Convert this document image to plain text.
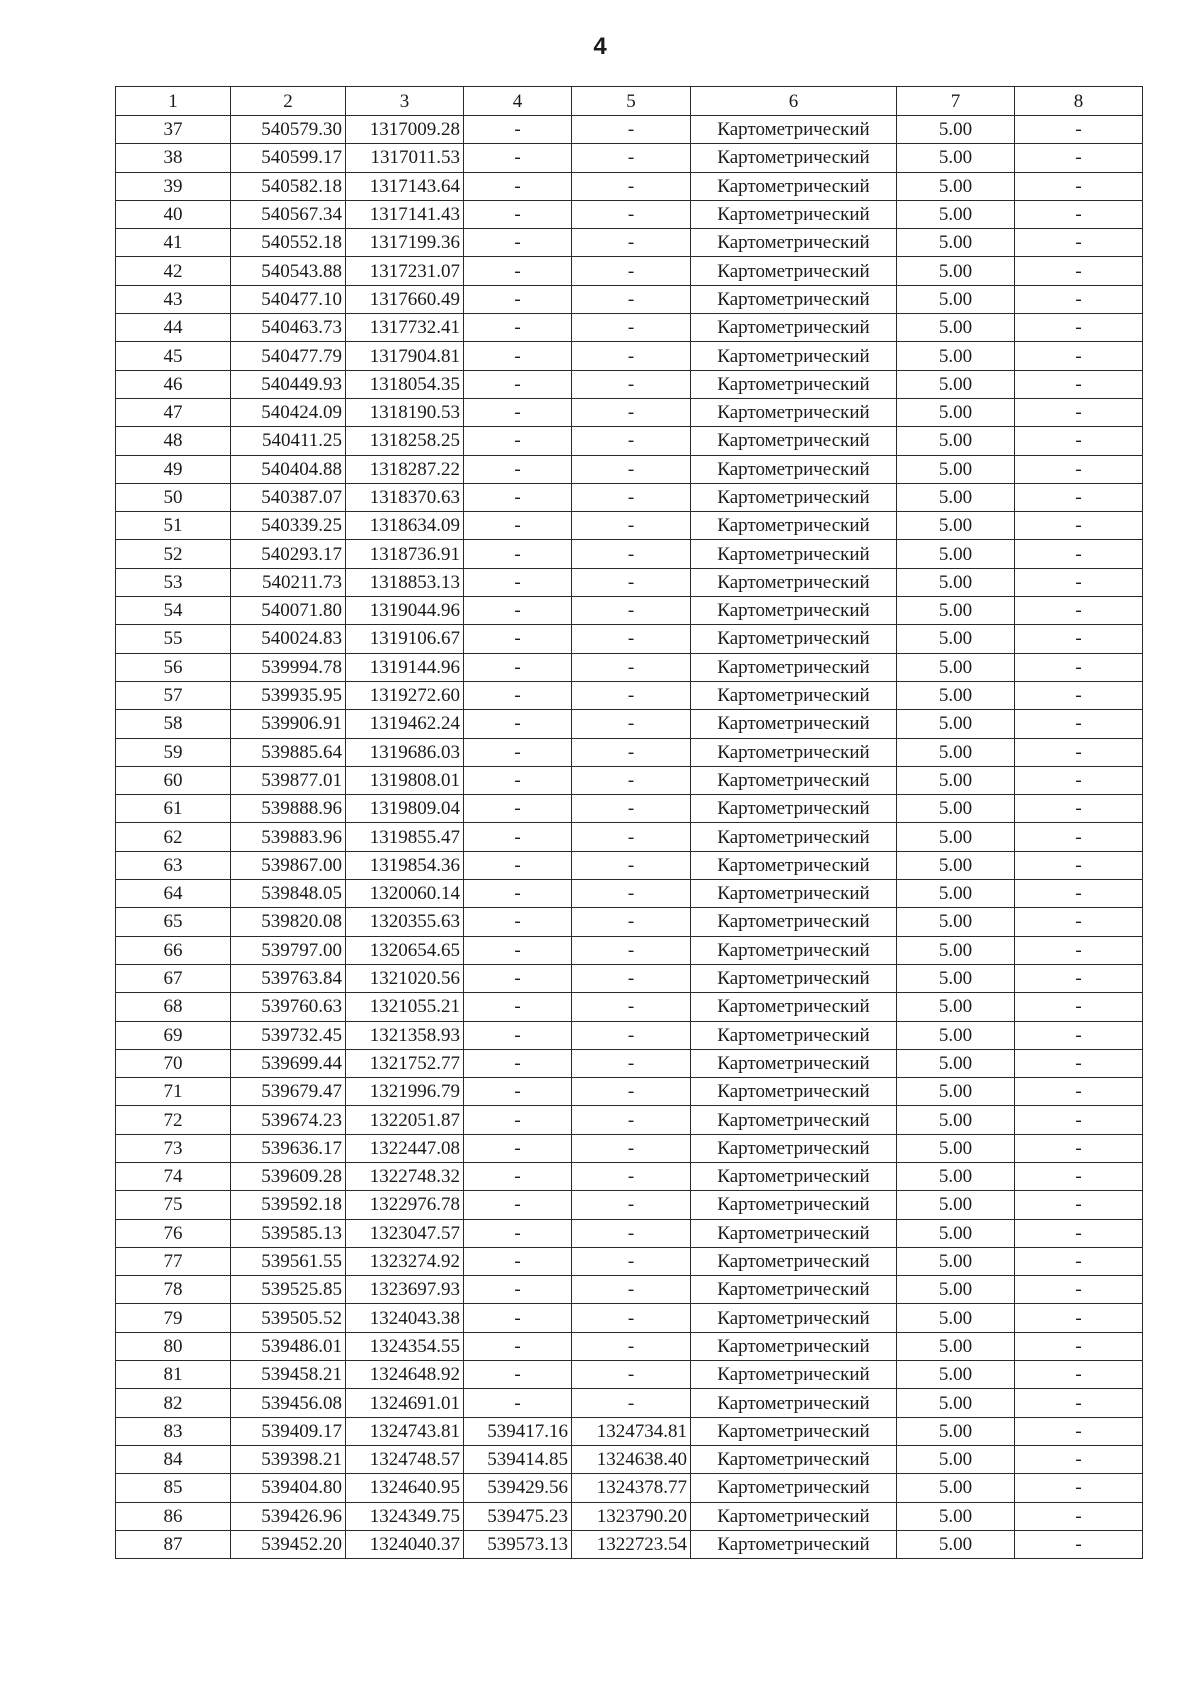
4
1	2	3	4	5	6	7	8
37	540579.30	1317009.28	-	-	Картометрический	5.00	-
38	540599.17	1317011.53	-	-	Картометрический	5.00	-
39	540582.18	1317143.64	-	-	Картометрический	5.00	-
40	540567.34	1317141.43	-	-	Картометрический	5.00	-
41	540552.18	1317199.36	-	-	Картометрический	5.00	-
42	540543.88	1317231.07	-	-	Картометрический	5.00	-
43	540477.10	1317660.49	-	-	Картометрический	5.00	-
44	540463.73	1317732.41	-	-	Картометрический	5.00	-
45	540477.79	1317904.81	-	-	Картометрический	5.00	-
46	540449.93	1318054.35	-	-	Картометрический	5.00	-
47	540424.09	1318190.53	-	-	Картометрический	5.00	-
48	540411.25	1318258.25	-	-	Картометрический	5.00	-
49	540404.88	1318287.22	-	-	Картометрический	5.00	-
50	540387.07	1318370.63	-	-	Картометрический	5.00	-
51	540339.25	1318634.09	-	-	Картометрический	5.00	-
52	540293.17	1318736.91	-	-	Картометрический	5.00	-
53	540211.73	1318853.13	-	-	Картометрический	5.00	-
54	540071.80	1319044.96	-	-	Картометрический	5.00	-
55	540024.83	1319106.67	-	-	Картометрический	5.00	-
56	539994.78	1319144.96	-	-	Картометрический	5.00	-
57	539935.95	1319272.60	-	-	Картометрический	5.00	-
58	539906.91	1319462.24	-	-	Картометрический	5.00	-
59	539885.64	1319686.03	-	-	Картометрический	5.00	-
60	539877.01	1319808.01	-	-	Картометрический	5.00	-
61	539888.96	1319809.04	-	-	Картометрический	5.00	-
62	539883.96	1319855.47	-	-	Картометрический	5.00	-
63	539867.00	1319854.36	-	-	Картометрический	5.00	-
64	539848.05	1320060.14	-	-	Картометрический	5.00	-
65	539820.08	1320355.63	-	-	Картометрический	5.00	-
66	539797.00	1320654.65	-	-	Картометрический	5.00	-
67	539763.84	1321020.56	-	-	Картометрический	5.00	-
68	539760.63	1321055.21	-	-	Картометрический	5.00	-
69	539732.45	1321358.93	-	-	Картометрический	5.00	-
70	539699.44	1321752.77	-	-	Картометрический	5.00	-
71	539679.47	1321996.79	-	-	Картометрический	5.00	-
72	539674.23	1322051.87	-	-	Картометрический	5.00	-
73	539636.17	1322447.08	-	-	Картометрический	5.00	-
74	539609.28	1322748.32	-	-	Картометрический	5.00	-
75	539592.18	1322976.78	-	-	Картометрический	5.00	-
76	539585.13	1323047.57	-	-	Картометрический	5.00	-
77	539561.55	1323274.92	-	-	Картометрический	5.00	-
78	539525.85	1323697.93	-	-	Картометрический	5.00	-
79	539505.52	1324043.38	-	-	Картометрический	5.00	-
80	539486.01	1324354.55	-	-	Картометрический	5.00	-
81	539458.21	1324648.92	-	-	Картометрический	5.00	-
82	539456.08	1324691.01	-	-	Картометрический	5.00	-
83	539409.17	1324743.81	539417.16	1324734.81	Картометрический	5.00	-
84	539398.21	1324748.57	539414.85	1324638.40	Картометрический	5.00	-
85	539404.80	1324640.95	539429.56	1324378.77	Картометрический	5.00	-
86	539426.96	1324349.75	539475.23	1323790.20	Картометрический	5.00	-
87	539452.20	1324040.37	539573.13	1322723.54	Картометрический	5.00	-
